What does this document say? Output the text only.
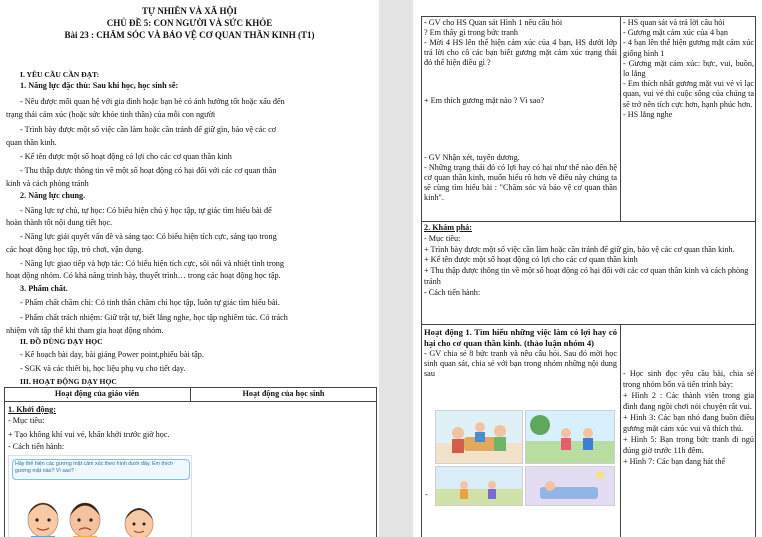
TỰ NHIÊN VÀ XÃ HỘI
CHỦ ĐỀ 5: CON NGƯỜI VÀ SỨC KHỎE
Bài 23 : CHĂM SÓC VÀ BẢO VỆ CƠ QUAN THẦN KINH (T1)
I. YÊU CẦU CẦN ĐẠT:
1. Năng lực đặc thù: Sau khi học, học sinh sẽ:
- Nêu được mối quan hệ với gia đình hoặc bạn bè có ảnh hưởng tốt hoặc xấu đến
trạng thái cảm xúc (hoặc sức khỏe tinh thần) của mỗi con người
- Trình bày được một số việc cần làm hoặc cần tránh để giữ gìn, bảo vệ các cơ
quan thần kinh.
- Kể tên được một số hoạt động có lợi cho các cơ quan thần kinh
- Thu thập được thông tin về một số hoạt động có hại đối với các cơ quan thần
kinh và cách phòng tránh
2. Năng lực chung.
- Năng lực tự chủ, tự học: Có biểu hiện chú ý học tập, tự giác tìm hiểu bài để
hoàn thành tốt nội dung tiết học.
- Năng lực giải quyết vấn đề và sáng tạo: Có biểu hiện tích cực, sáng tạo trong
các hoạt động học tập, trò chơi, vận dụng.
- Năng lực giao tiếp và hợp tác: Có biểu hiện tích cực, sôi nổi và nhiệt tình trong
hoạt động nhóm. Có khả năng trình bày, thuyết trình… trong các hoạt động học tập.
3. Phẩm chất.
- Phẩm chất chăm chỉ: Có tinh thần chăm chỉ học tập, luôn tự giác tìm hiểu bài.
- Phẩm chất trách nhiệm: Giữ trật tự, biết lắng nghe, học tập nghiêm túc. Có trách
nhiệm với tập thể khi tham gia hoạt động nhóm.
II. ĐỒ DÙNG DẠY HỌC
- Kế hoạch bài dạy, bài giảng Power point,phiếu bài tập.
- SGK và các thiết bị, học liệu phụ vụ cho tiết dạy.
III. HOẠT ĐỘNG DẠY HỌC
Hoạt động của giáo viên	Hoạt động của học sinh
1. Khởi động:
- Mục tiêu:
+ Tạo không khí vui vẻ, khấn khởi trước giờ học.
- Cách tiến hành:
Hãy thể hiện các gương mặt cảm xúc theo hình dưới đây. Em thích gương mặt nào? Vì sao?
- GV cho HS Quan sát Hình 1 nêu câu hỏi
? Em thấy gì trong bức tranh
- Mời 4 HS lên thể hiện cảm xúc của 4 bạn, HS dưới lớp trả lời cho cô các bạn biết gương mặt cảm xúc trạng thái đó thể hiện điều gì ?
+ Em thích gương mặt nào ? Vì sao?
- GV Nhận xét, tuyên dương.
- Những trạng thái đó có lợi hay có hại như thế nào đến hệ cơ quan thần kinh, muốn hiểu rõ hơn về điều này chúng ta sẽ cùng tìm hiểu bài : "Chăm sóc và bảo vệ cơ quan thần kinh".
- HS quan sát và trả lời câu hỏi
- Gương mặt cảm xúc của 4 bạn
- 4 bạn lên thể hiện gương mặt cảm xúc giống hình 1
- Gương mặt cảm xúc: bực, vui, buồn, lo lắng
- Em thích nhất gương mặt vui vẻ vì lạc quan, vui vẻ thì cuộc sống của chúng ta sẽ trở nên tích cực hơn, hạnh phúc hơn.
- HS lắng nghe
2. Khám phá:
- Mục tiêu:
+ Trình bày được một số việc cần làm hoặc cần tránh để giữ gìn, bảo vệ các cơ quan thần kinh.
+ Kể tên được một số hoạt động có lợi cho các cơ quan thần kinh
+ Thu thập được thông tin về một số hoạt động có hại đối với các cơ quan thần kinh và cách phòng tránh
- Cách tiến hành:
Hoạt động 1. Tìm hiểu những việc làm có lợi hay có hại cho cơ quan thần kinh. (thảo luận nhóm 4)
- GV chia sẻ 8 bức tranh và nêu câu hỏi. Sau đó mời học sinh quan sát, chia sẻ với bạn trong nhóm những nội dung sau
-
- Học sinh đọc yêu cầu bài, chia sẻ trong nhóm bốn và tiến trình bày:
+ Hình 2 : Các thành viên trong gia đình đang ngồi chơi nói chuyện rất vui.
+ Hình 3: Các bạn nhỏ đang buồn điều gương mặt cảm xúc vui và thích thú.
+ Hình 5: Bạn trong bức tranh đi ngủ đúng giờ trước 11h đêm.
+ Hình 7: Các bạn đang hát thể
